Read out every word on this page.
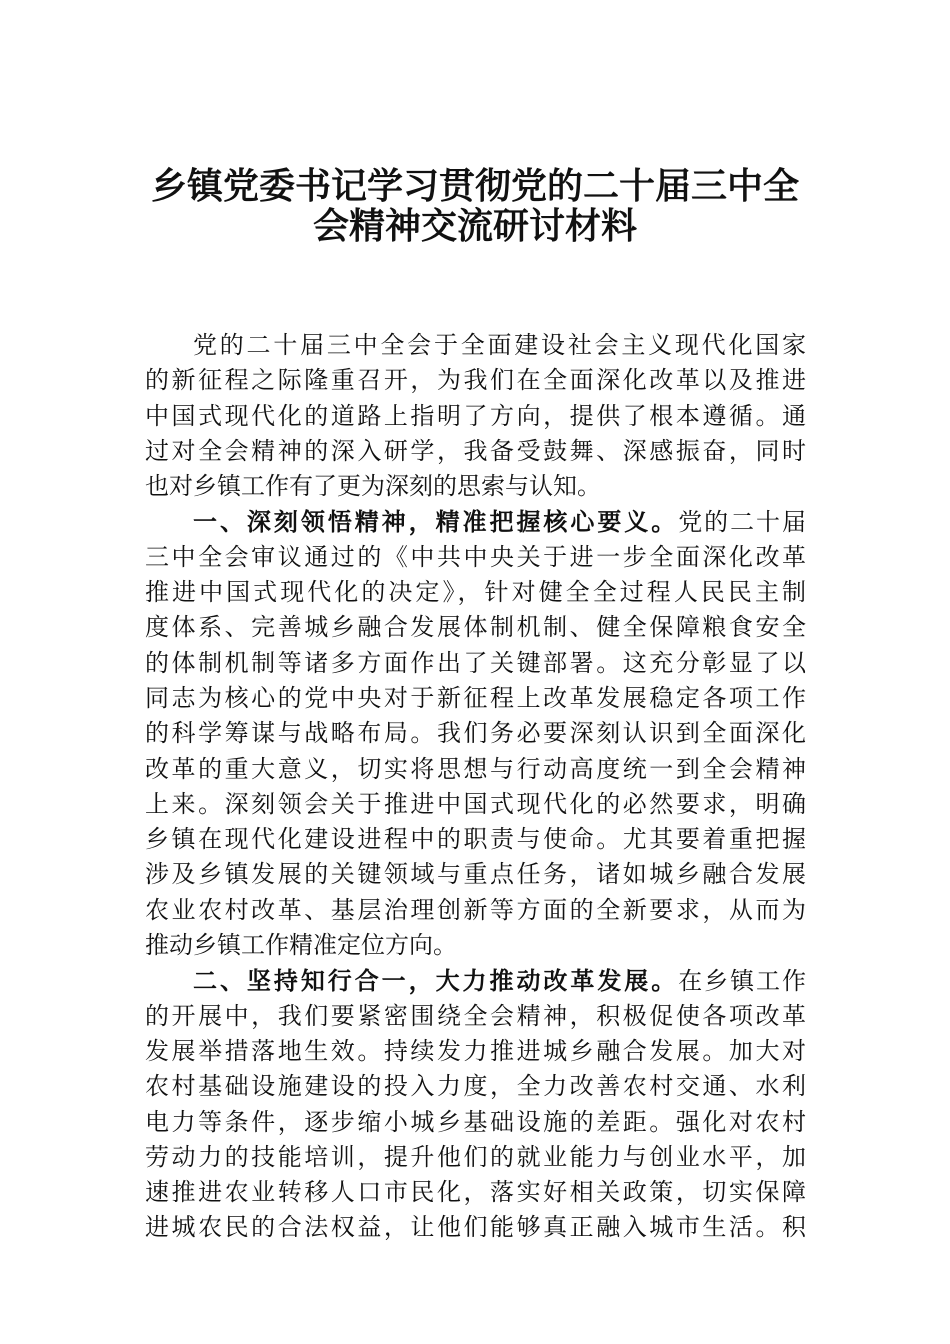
乡镇党委书记学习贯彻党的二十届三中全
会精神交流研讨材料
党的二十届三中全会于全面建设社会主义现代化国家
的新征程之际隆重召开，为我们在全面深化改革以及推进
中国式现代化的道路上指明了方向，提供了根本遵循。通
过对全会精神的深入研学，我备受鼓舞、深感振奋，同时
也对乡镇工作有了更为深刻的思索与认知。
一、深刻领悟精神，精准把握核心要义。党的二十届
三中全会审议通过的《中共中央关于进一步全面深化改革
推进中国式现代化的决定》，针对健全全过程人民民主制
度体系、完善城乡融合发展体制机制、健全保障粮食安全
的体制机制等诸多方面作出了关键部署。这充分彰显了以
同志为核心的党中央对于新征程上改革发展稳定各项工作
的科学筹谋与战略布局。我们务必要深刻认识到全面深化
改革的重大意义，切实将思想与行动高度统一到全会精神
上来。深刻领会关于推进中国式现代化的必然要求，明确
乡镇在现代化建设进程中的职责与使命。尤其要着重把握
涉及乡镇发展的关键领域与重点任务，诸如城乡融合发展
农业农村改革、基层治理创新等方面的全新要求，从而为
推动乡镇工作精准定位方向。
二、坚持知行合一，大力推动改革发展。在乡镇工作
的开展中，我们要紧密围绕全会精神，积极促使各项改革
发展举措落地生效。持续发力推进城乡融合发展。加大对
农村基础设施建设的投入力度，全力改善农村交通、水利
电力等条件，逐步缩小城乡基础设施的差距。强化对农村
劳动力的技能培训，提升他们的就业能力与创业水平，加
速推进农业转移人口市民化，落实好相关政策，切实保障
进城农民的合法权益，让他们能够真正融入城市生活。积
